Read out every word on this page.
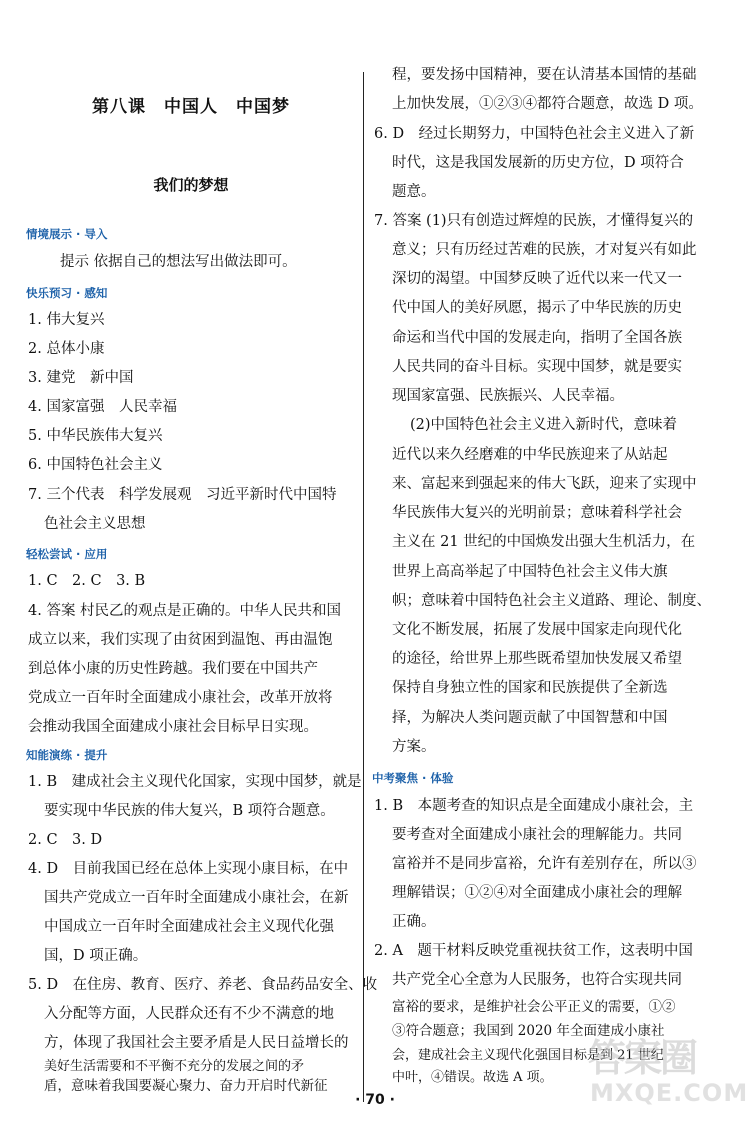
第八课　中国人　中国梦
我们的梦想
情境展示 · 导入
提示 依据自己的想法写出做法即可。
快乐预习 · 感知
1. 伟大复兴
2. 总体小康
3. 建党　新中国
4. 国家富强　人民幸福
5. 中华民族伟大复兴
6. 中国特色社会主义
7. 三个代表　科学发展观　习近平新时代中国特
色社会主义思想
轻松尝试 · 应用
1. C　2. C　3. B
4. 答案 村民乙的观点是正确的。中华人民共和国
成立以来，我们实现了由贫困到温饱、再由温饱
到总体小康的历史性跨越。我们要在中国共产
党成立一百年时全面建成小康社会，改革开放将
会推动我国全面建成小康社会目标早日实现。
知能演练 · 提升
1. B　建成社会主义现代化国家，实现中国梦，就是
要实现中华民族的伟大复兴，B 项符合题意。
2. C　3. D
4. D　目前我国已经在总体上实现小康目标，在中
国共产党成立一百年时全面建成小康社会，在新
中国成立一百年时全面建成社会主义现代化强
国，D 项正确。
5. D　在住房、教育、医疗、养老、食品药品安全、收
入分配等方面，人民群众还有不少不满意的地
方，体现了我国社会主要矛盾是人民日益增长的
美好生活需要和不平衡不充分的发展之间的矛
盾，意味着我国要凝心聚力、奋力开启时代新征
程，要发扬中国精神，要在认清基本国情的基础
上加快发展，①②③④都符合题意，故选 D 项。
6. D　经过长期努力，中国特色社会主义进入了新
时代，这是我国发展新的历史方位，D 项符合
题意。
7. 答案 (1)只有创造过辉煌的民族，才懂得复兴的
意义；只有历经过苦难的民族，才对复兴有如此
深切的渴望。中国梦反映了近代以来一代又一
代中国人的美好夙愿，揭示了中华民族的历史
命运和当代中国的发展走向，指明了全国各族
人民共同的奋斗目标。实现中国梦，就是要实
现国家富强、民族振兴、人民幸福。
(2)中国特色社会主义进入新时代，意味着
近代以来久经磨难的中华民族迎来了从站起
来、富起来到强起来的伟大飞跃，迎来了实现中
华民族伟大复兴的光明前景；意味着科学社会
主义在 21 世纪的中国焕发出强大生机活力，在
世界上高高举起了中国特色社会主义伟大旗
帜；意味着中国特色社会主义道路、理论、制度、
文化不断发展，拓展了发展中国家走向现代化
的途径，给世界上那些既希望加快发展又希望
保持自身独立性的国家和民族提供了全新选
择，为解决人类问题贡献了中国智慧和中国
方案。
中考聚焦 · 体验
1. B　本题考查的知识点是全面建成小康社会，主
要考查对全面建成小康社会的理解能力。共同
富裕并不是同步富裕，允许有差别存在，所以③
理解错误；①②④对全面建成小康社会的理解
正确。
2. A　题干材料反映党重视扶贫工作，这表明中国
共产党全心全意为人民服务，也符合实现共同
富裕的要求，是维护社会公平正义的需要，①②
③符合题意；我国到 2020 年全面建成小康社
会，建成社会主义现代化强国目标是到 21 世纪
中叶，④错误。故选 A 项。
· 70 ·
答案圈
MXQE.COM
